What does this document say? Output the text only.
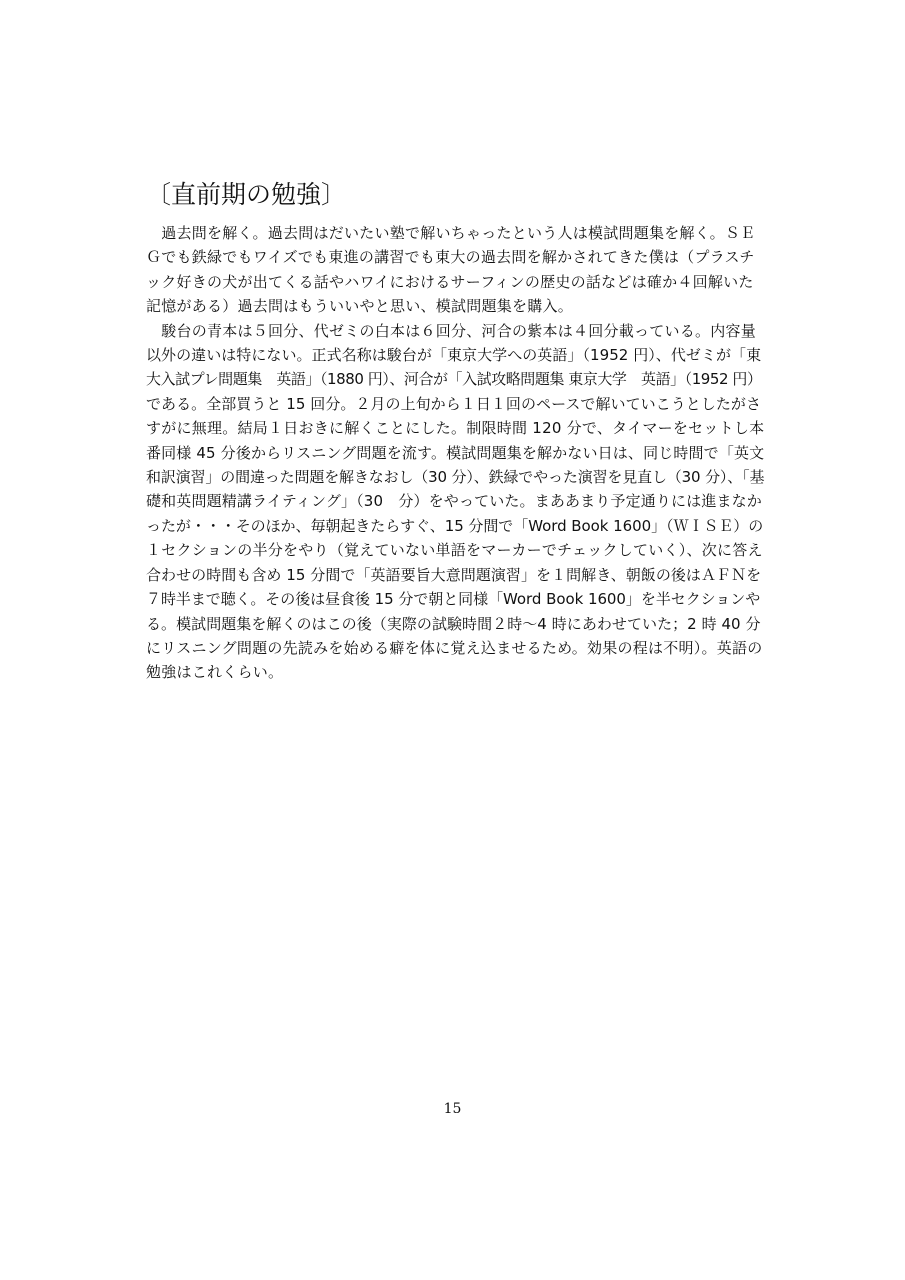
〔直前期の勉強〕
　過去問を解く。過去問はだいたい塾で解いちゃったという人は模試問題集を解く。ＳＥ
Ｇでも鉄緑でもワイズでも東進の講習でも東大の過去問を解かされてきた僕は（プラスチ
ック好きの犬が出てくる話やハワイにおけるサーフィンの歴史の話などは確か４回解いた
記憶がある）過去問はもういいやと思い、模試問題集を購入。
　駿台の青本は５回分、代ゼミの白本は６回分、河合の紫本は４回分載っている。内容量
以外の違いは特にない。正式名称は駿台が「東京大学への英語」（1952 円）、代ゼミが「東
大入試プレ問題集　英語」（1880 円）、河合が「入試攻略問題集 東京大学　英語」（1952 円）
である。全部買うと 15 回分。２月の上旬から１日１回のペースで解いていこうとしたがさ
すがに無理。結局１日おきに解くことにした。制限時間 120 分で、タイマーをセットし本
番同様 45 分後からリスニング問題を流す。模試問題集を解かない日は、同じ時間で「英文
和訳演習」の間違った問題を解きなおし（30 分）、鉄緑でやった演習を見直し（30 分）、「基
礎和英問題精講ライティング」（30　分）をやっていた。まああまり予定通りには進まなか
ったが・・・そのほか、毎朝起きたらすぐ、15 分間で「Word Book 1600」（ＷＩＳＥ）の
１セクションの半分をやり（覚えていない単語をマーカーでチェックしていく）、次に答え
合わせの時間も含め 15 分間で「英語要旨大意問題演習」を１問解き、朝飯の後はＡＦＮを
７時半まで聴く。その後は昼食後 15 分で朝と同様「Word Book 1600」を半セクションや
る。模試問題集を解くのはこの後（実際の試験時間２時～4 時にあわせていた；2 時 40 分
にリスニング問題の先読みを始める癖を体に覚え込ませるため。効果の程は不明）。英語の
勉強はこれくらい。
15
